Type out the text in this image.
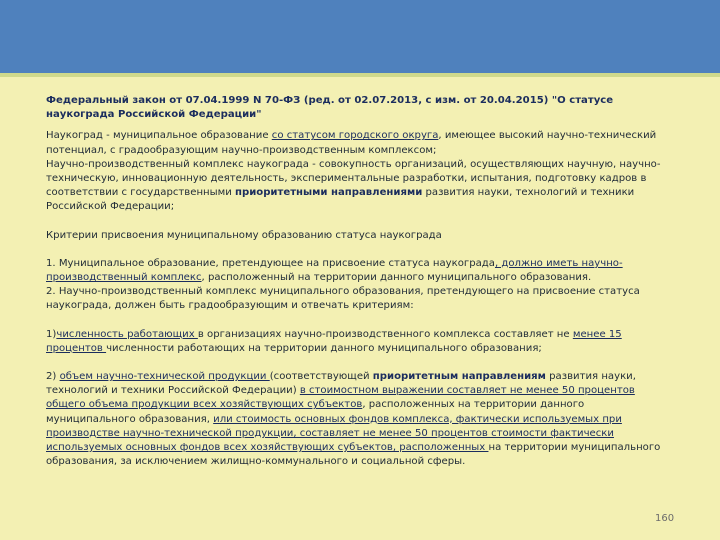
Федеральный закон от 07.04.1999 N 70-ФЗ (ред. от 02.07.2013, с изм. от 20.04.2015) "О статусе наукограда Российской Федерации"

Наукоград - муниципальное образование со статусом городского округа, имеющее высокий научно-технический потенциал, с градообразующим научно-производственным комплексом;

Научно-производственный комплекс наукограда - совокупность организаций, осуществляющих научную, научно-техническую, инновационную деятельность, экспериментальные разработки, испытания, подготовку кадров в соответствии с государственными приоритетными направлениями развития науки, технологий и техники Российской Федерации;

Критерии присвоения муниципальному образованию статуса наукограда

1. Муниципальное образование, претендующее на присвоение статуса наукограда, должно иметь научно-производственный комплекс, расположенный на территории данного муниципального образования.

2. Научно-производственный комплекс муниципального образования, претендующего на присвоение статуса наукограда, должен быть градообразующим и отвечать критериям:

1)численность работающих в организациях научно-производственного комплекса составляет не менее 15 процентов численности работающих на территории данного муниципального образования;

2) объем научно-технической продукции (соответствующей приоритетным направлениям развития науки, технологий и техники Российской Федерации) в стоимостном выражении составляет не менее 50 процентов общего объема продукции всех хозяйствующих субъектов, расположенных на территории данного муниципального образования, или стоимость основных фондов комплекса, фактически используемых при производстве научно-технической продукции, составляет не менее 50 процентов стоимости фактически используемых основных фондов всех хозяйствующих субъектов, расположенных на территории муниципального образования, за исключением жилищно-коммунального и социальной сферы.

160
